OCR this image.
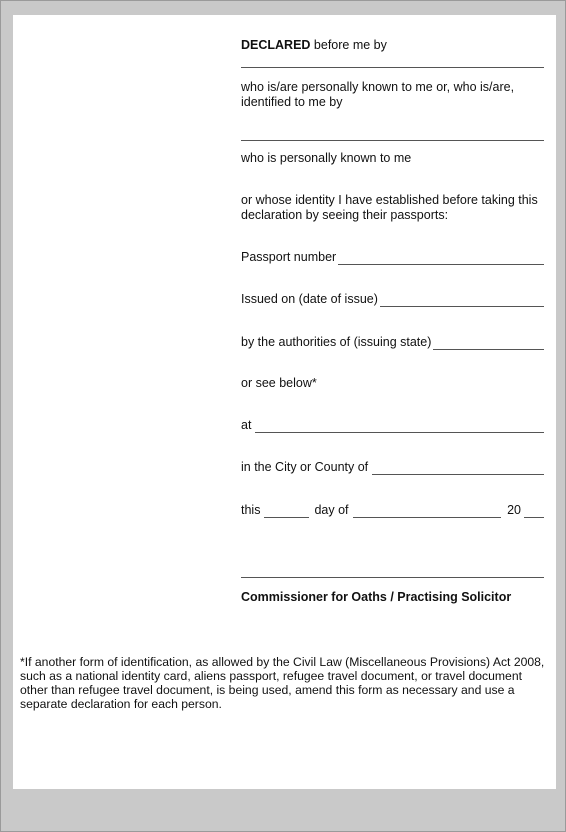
DECLARED before me by
who is/are personally known to me or, who is/are, identified to me by
who is personally known to me
or whose identity I have established before taking this declaration by seeing their passports:
Passport number
Issued on (date of issue)
by the authorities of (issuing state)
or see below*
at
in the City or County of
this	day of	20
Commissioner for Oaths / Practising Solicitor
*If another form of identification, as allowed by the Civil Law (Miscellaneous Provisions) Act 2008, such as a national identity card, aliens passport, refugee travel document, or travel document other than refugee travel document, is being used, amend this form as necessary and use a separate declaration for each person.
